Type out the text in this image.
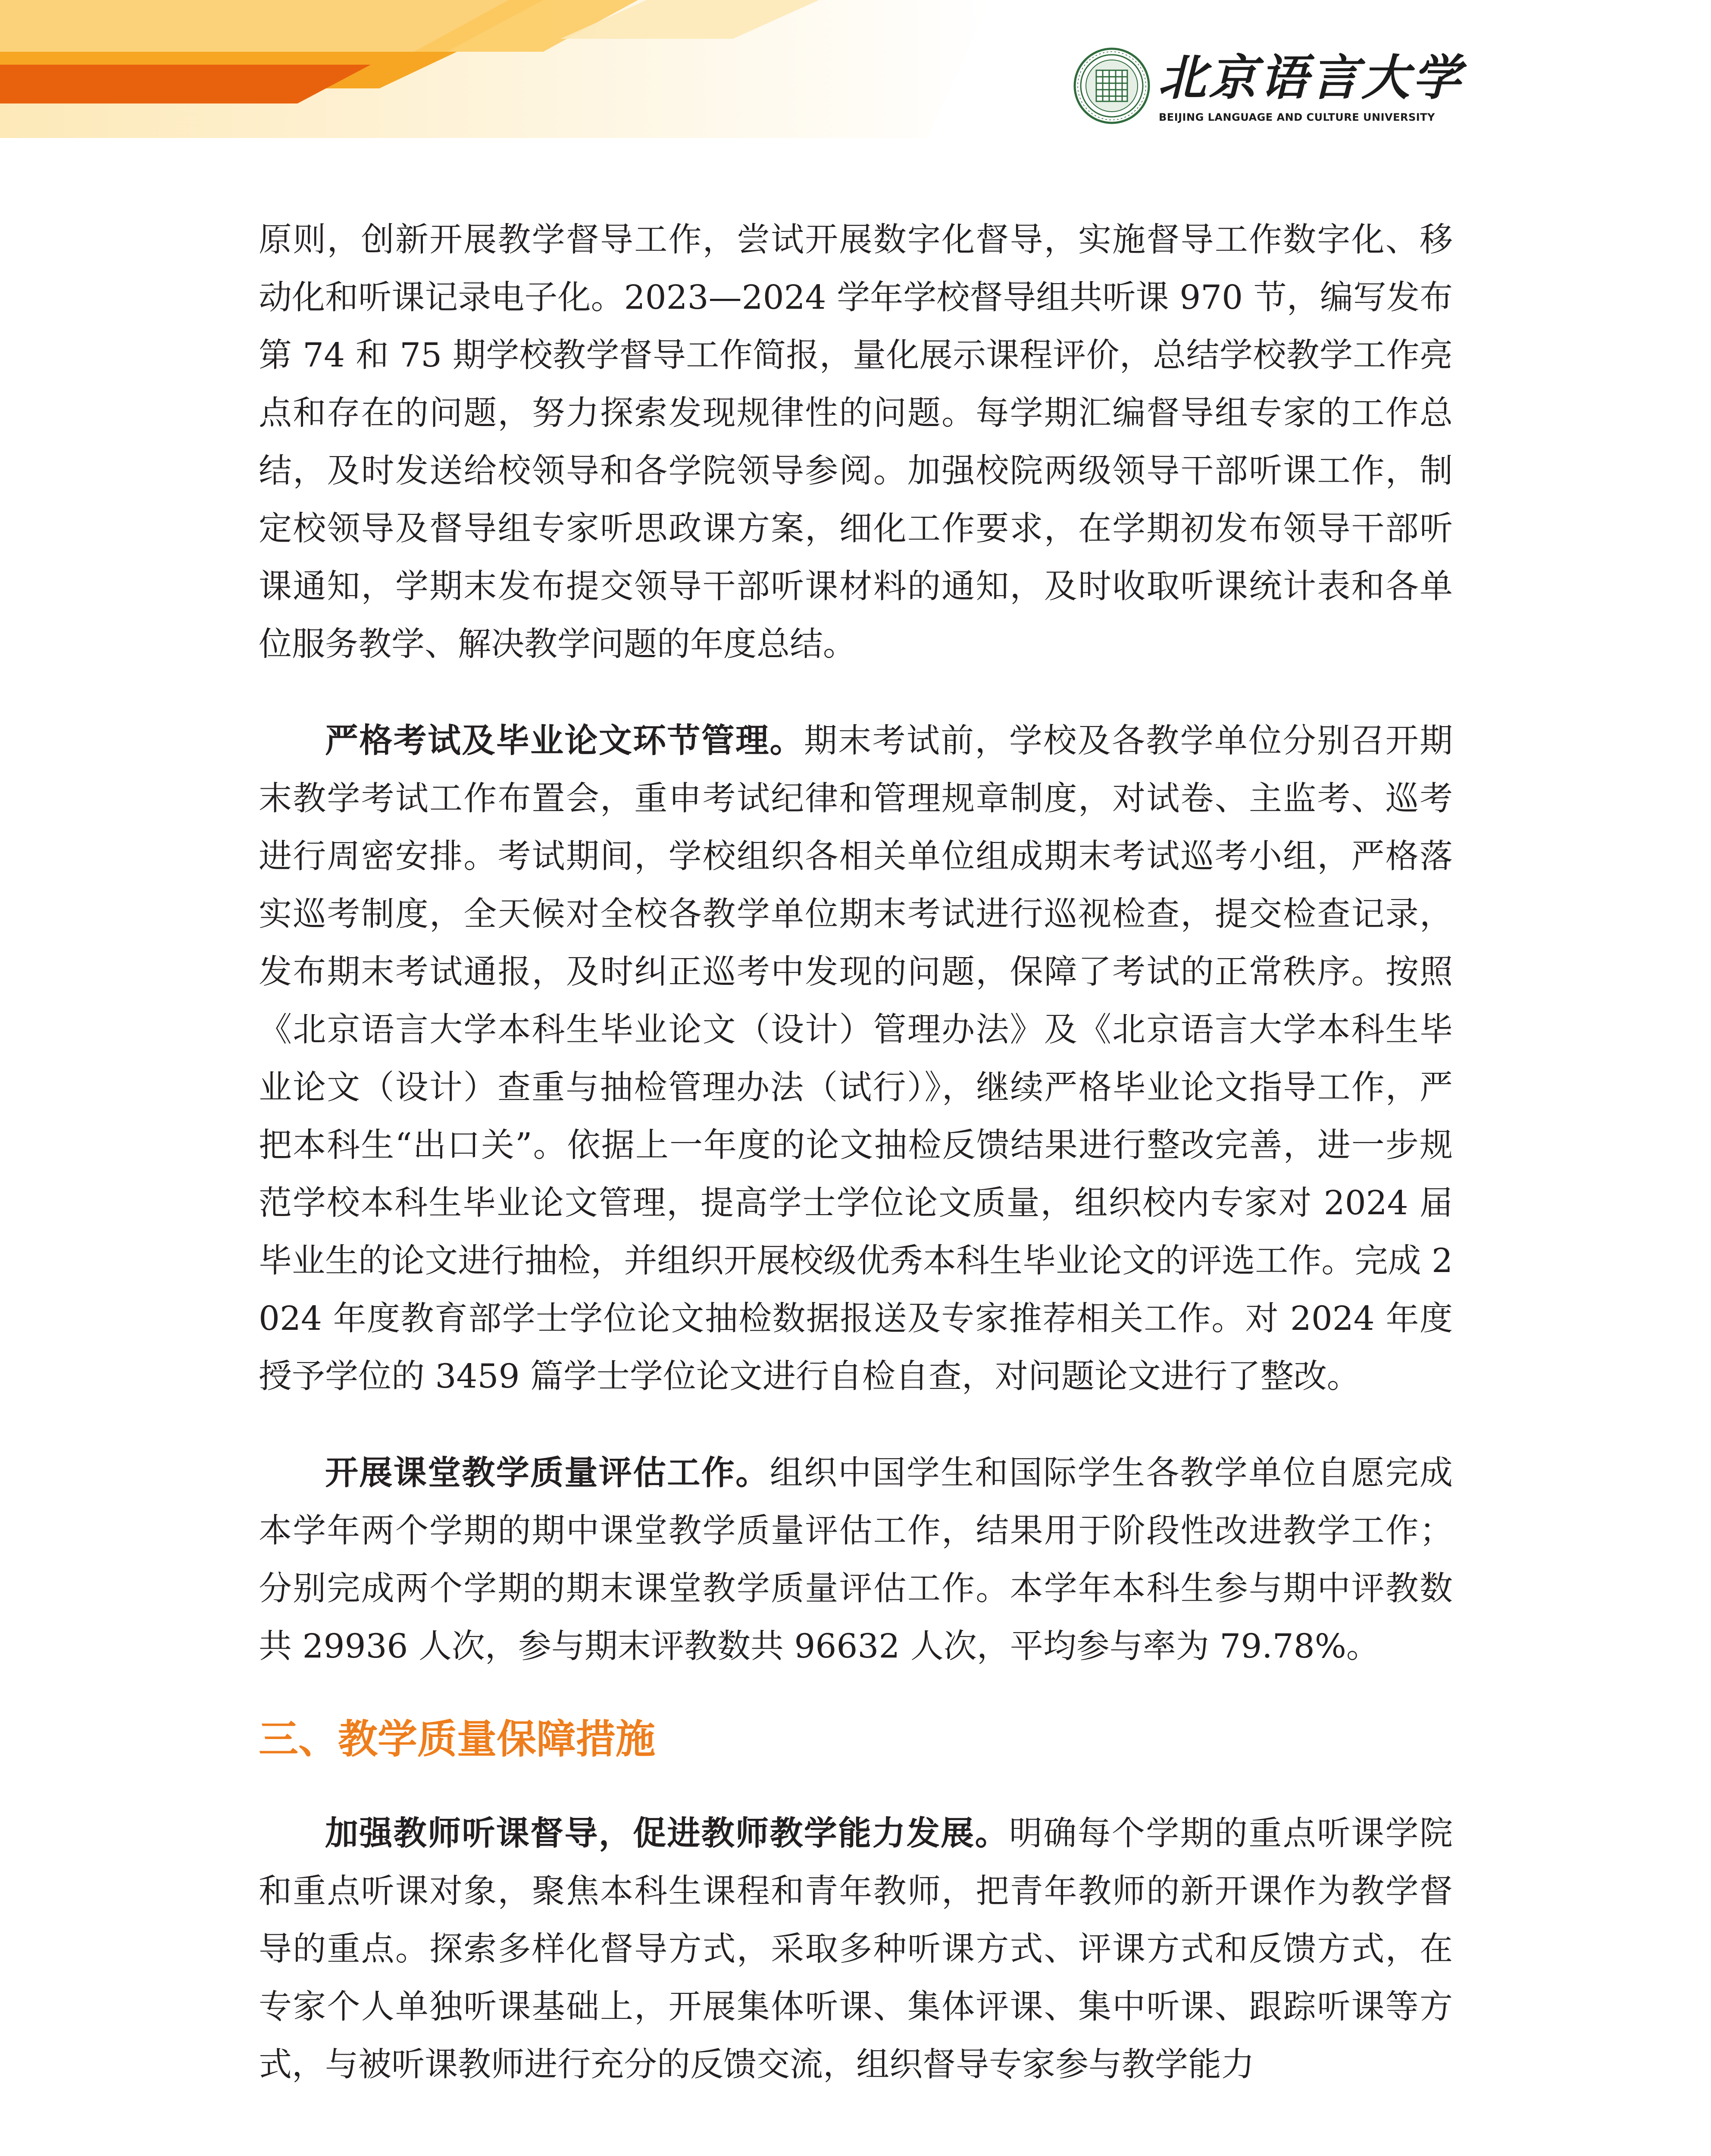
北京语言大学
BEIJING LANGUAGE AND CULTURE UNIVERSITY

原则，创新开展教学督导工作，尝试开展数字化督导，实施督导工作数字化、移动化和听课记录电子化。2023—2024 学年学校督导组共听课 970 节，编写发布第 74 和 75 期学校教学督导工作简报，量化展示课程评价，总结学校教学工作亮点和存在的问题，努力探索发现规律性的问题。每学期汇编督导组专家的工作总结，及时发送给校领导和各学院领导参阅。加强校院两级领导干部听课工作，制定校领导及督导组专家听思政课方案，细化工作要求，在学期初发布领导干部听课通知，学期末发布提交领导干部听课材料的通知，及时收取听课统计表和各单位服务教学、解决教学问题的年度总结。

严格考试及毕业论文环节管理。期末考试前，学校及各教学单位分别召开期末教学考试工作布置会，重申考试纪律和管理规章制度，对试卷、主监考、巡考进行周密安排。考试期间，学校组织各相关单位组成期末考试巡考小组，严格落实巡考制度，全天候对全校各教学单位期末考试进行巡视检查，提交检查记录，发布期末考试通报，及时纠正巡考中发现的问题，保障了考试的正常秩序。按照《北京语言大学本科生毕业论文（设计）管理办法》及《北京语言大学本科生毕业论文（设计）查重与抽检管理办法（试行）》，继续严格毕业论文指导工作，严把本科生“出口关”。依据上一年度的论文抽检反馈结果进行整改完善，进一步规范学校本科生毕业论文管理，提高学士学位论文质量，组织校内专家对 2024 届毕业生的论文进行抽检，并组织开展校级优秀本科生毕业论文的评选工作。完成 2024 年度教育部学士学位论文抽检数据报送及专家推荐相关工作。对 2024 年度授予学位的 3459 篇学士学位论文进行自检自查，对问题论文进行了整改。

开展课堂教学质量评估工作。组织中国学生和国际学生各教学单位自愿完成本学年两个学期的期中课堂教学质量评估工作，结果用于阶段性改进教学工作；分别完成两个学期的期末课堂教学质量评估工作。本学年本科生参与期中评教数共 29936 人次，参与期末评教数共 96632 人次，平均参与率为 79.78%。

三、教学质量保障措施

加强教师听课督导，促进教师教学能力发展。明确每个学期的重点听课学院和重点听课对象，聚焦本科生课程和青年教师，把青年教师的新开课作为教学督导的重点。探索多样化督导方式，采取多种听课方式、评课方式和反馈方式，在专家个人单独听课基础上，开展集体听课、集体评课、集中听课、跟踪听课等方式，与被听课教师进行充分的反馈交流，组织督导专家参与教学能力
